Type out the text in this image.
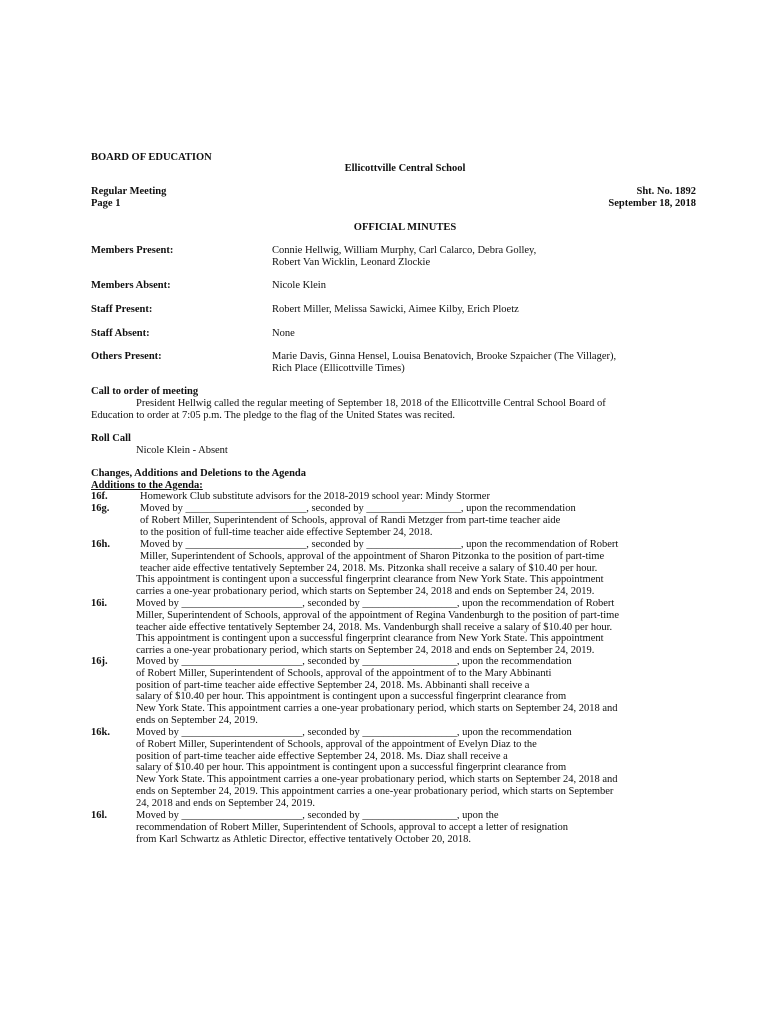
BOARD OF EDUCATION
Ellicottville Central School
Regular Meeting
Page 1
Sht. No. 1892
September 18, 2018
OFFICIAL MINUTES
Members Present:	Connie Hellwig, William Murphy, Carl Calarco, Debra Golley,
Robert Van Wicklin, Leonard Zlockie
Members Absent:	Nicole Klein
Staff Present:	Robert Miller, Melissa Sawicki, Aimee Kilby, Erich Ploetz
Staff Absent:	None
Others Present:	Marie Davis, Ginna Hensel, Louisa Benatovich, Brooke Szpaicher (The Villager),
Rich Place (Ellicottville Times)
Call to order of meeting
President Hellwig called the regular meeting of September 18, 2018 of the Ellicottville Central School Board of
Education to order at 7:05 p.m. The pledge to the flag of the United States was recited.
Roll Call
Nicole Klein - Absent
Changes, Additions and Deletions to the Agenda
Additions to the Agenda:
16f.	Homework Club substitute advisors for the 2018-2019 school year: Mindy Stormer
16g.	Moved by _______________________, seconded by __________________, upon the recommendation
of Robert Miller, Superintendent of Schools, approval of Randi Metzger from part-time teacher aide
to the position of full-time teacher aide effective September 24, 2018.
16h.	Moved by _______________________, seconded by __________________, upon the recommendation of Robert
Miller, Superintendent of Schools, approval of the appointment of Sharon Pitzonka to the position of part-time
teacher aide effective tentatively September 24, 2018. Ms. Pitzonka shall receive a salary of $10.40 per hour.
This appointment is contingent upon a successful fingerprint clearance from New York State. This appointment
carries a one-year probationary period, which starts on September 24, 2018 and ends on September 24, 2019.
16i.	Moved by _______________________, seconded by __________________, upon the recommendation of Robert
Miller, Superintendent of Schools, approval of the appointment of Regina Vandenburgh to the position of part-time
teacher aide effective tentatively September 24, 2018. Ms. Vandenburgh shall receive a salary of $10.40 per hour.
This appointment is contingent upon a successful fingerprint clearance from New York State. This appointment
carries a one-year probationary period, which starts on September 24, 2018 and ends on September 24, 2019.
16j.	Moved by _______________________, seconded by __________________, upon the recommendation
of Robert Miller, Superintendent of Schools, approval of the appointment of to the Mary Abbinanti
position of part-time teacher aide effective September 24, 2018. Ms. Abbinanti shall receive a
salary of $10.40 per hour. This appointment is contingent upon a successful fingerprint clearance from
New York State. This appointment carries a one-year probationary period, which starts on September 24, 2018 and
ends on September 24, 2019.
16k. Moved by _______________________, seconded by __________________, upon the recommendation
of Robert Miller, Superintendent of Schools, approval of the appointment of Evelyn Diaz to the
position of part-time teacher aide effective September 24, 2018. Ms. Diaz shall receive a
salary of $10.40 per hour. This appointment is contingent upon a successful fingerprint clearance from
New York State. This appointment carries a one-year probationary period, which starts on September 24, 2018 and
ends on September 24, 2019. This appointment carries a one-year probationary period, which starts on September
24, 2018 and ends on September 24, 2019.
16l.	Moved by _______________________, seconded by __________________, upon the
recommendation of Robert Miller, Superintendent of Schools, approval to accept a letter of resignation
from Karl Schwartz as Athletic Director, effective tentatively October 20, 2018.
